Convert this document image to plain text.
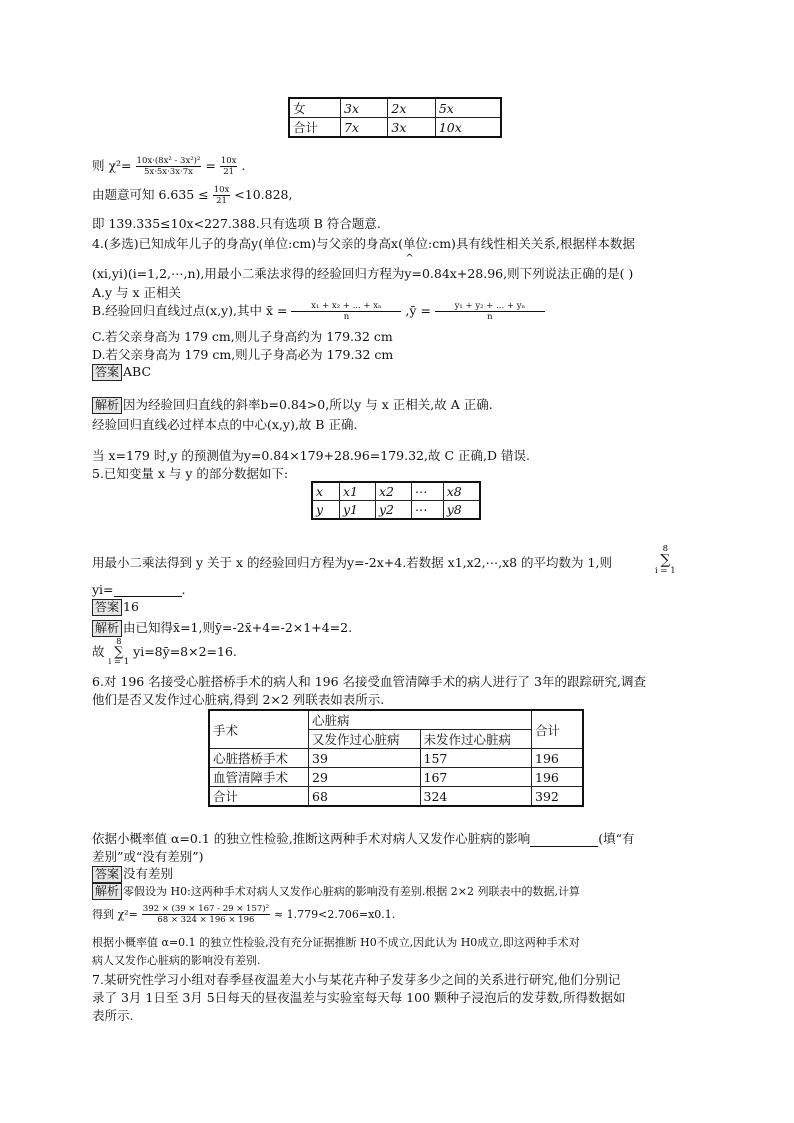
女	3x	2x	5x
合计	7x	3x	10x
则 $\chi^2= \frac{\text{10x·(8x² - 3x²)²}}{5x\cdot 5x\cdot 3x\cdot 7x} = \frac{10x}{21}$ .
由题意可知 $6.635 \le \frac{10x}{21} <10.828$,
即 139.335≤10x<227.388.只有选项 B 符合题意.
4.(多选)已知成年儿子的身高y(单位:cm)与父亲的身高x(单位:cm)具有线性相关关系,根据样本数据
(xi,yi)(i=1,2,⋯,n),用最小二乘法求得的经验回归方程为^ y=0.84x+28.96,则下列说法正确的是( )
A.y 与 x 正相关
B.经验回归直线过点(x,y),其中 x̄ = $\frac{\text{x₁ + x₂ + ... + xₙ}}{n}$ ,ȳ = $\frac{\text{y₁ + y₂ + ... + yₙ}}{n}$
C.若父亲身高为 179 cm,则儿子身高约为 179.32 cm
D.若父亲身高为 179 cm,则儿子身高必为 179.32 cm
答案 ABC
解析 因为经验回归直线的斜率b=0.84>0,所以y 与 x 正相关,故 A 正确.
经验回归直线必过样本点的中心(x,y),故 B 正确.
当 x=179 时,y 的预测值为y=0.84×179+28.96=179.32,故 C 正确,D 错误.
5.已知变量 x 与 y 的部分数据如下:
x	x1	x2	⋯	x8
y	y1	y2	⋯	y8
用最小二乘法得到 y 关于 x 的经验回归方程为y=-2x+4.若数据 x1,x2,⋯,x8 的平均数为 1,则
8
∑
i = 1
yi=	.
答案 16
解析 由已知得x̄=1,则ȳ=-2x̄+4=-2×1+4=2.
故
8
∑
i = 1
yi=8ȳ=8×2=16.
6.对 196 名接受心脏搭桥手术的病人和 196 名接受血管清障手术的病人进行了 3年的跟踪研究,调查
他们是否又发作过心脏病,得到 2×2 列联表如表所示.
手术	心脏病		合计
	又发作过心脏病	未发作过心脏病	
心脏搭桥手术	39	157	196
血管清障手术	29	167	196
合计	68	324	392
依据小概率值 α=0.1 的独立性检验,推断这两种手术对病人又发作心脏病的影响	(填“有
差别”或“没有差别”)
答案 没有差别
解析 零假设为 H0:这两种手术对病人又发作心脏病的影响没有差别.根据 2×2 列联表中的数据,计算
得到 $\chi^2= \frac{\text{392 × (39 × 167 - 29 × 157)²}}{68 \times 324 \times 196 \times 196} \approx 1.779<2.706=x0.1$.
根据小概率值 α=0.1 的独立性检验,没有充分证据推断 H0不成立,因此认为 H0成立,即这两种手术对
病人又发作心脏病的影响没有差别.
7.某研究性学习小组对春季昼夜温差大小与某花卉种子发芽多少之间的关系进行研究,他们分别记
录了 3月 1日至 3月 5日每天的昼夜温差与实验室每天每 100 颗种子浸泡后的发芽数,所得数据如
表所示.
